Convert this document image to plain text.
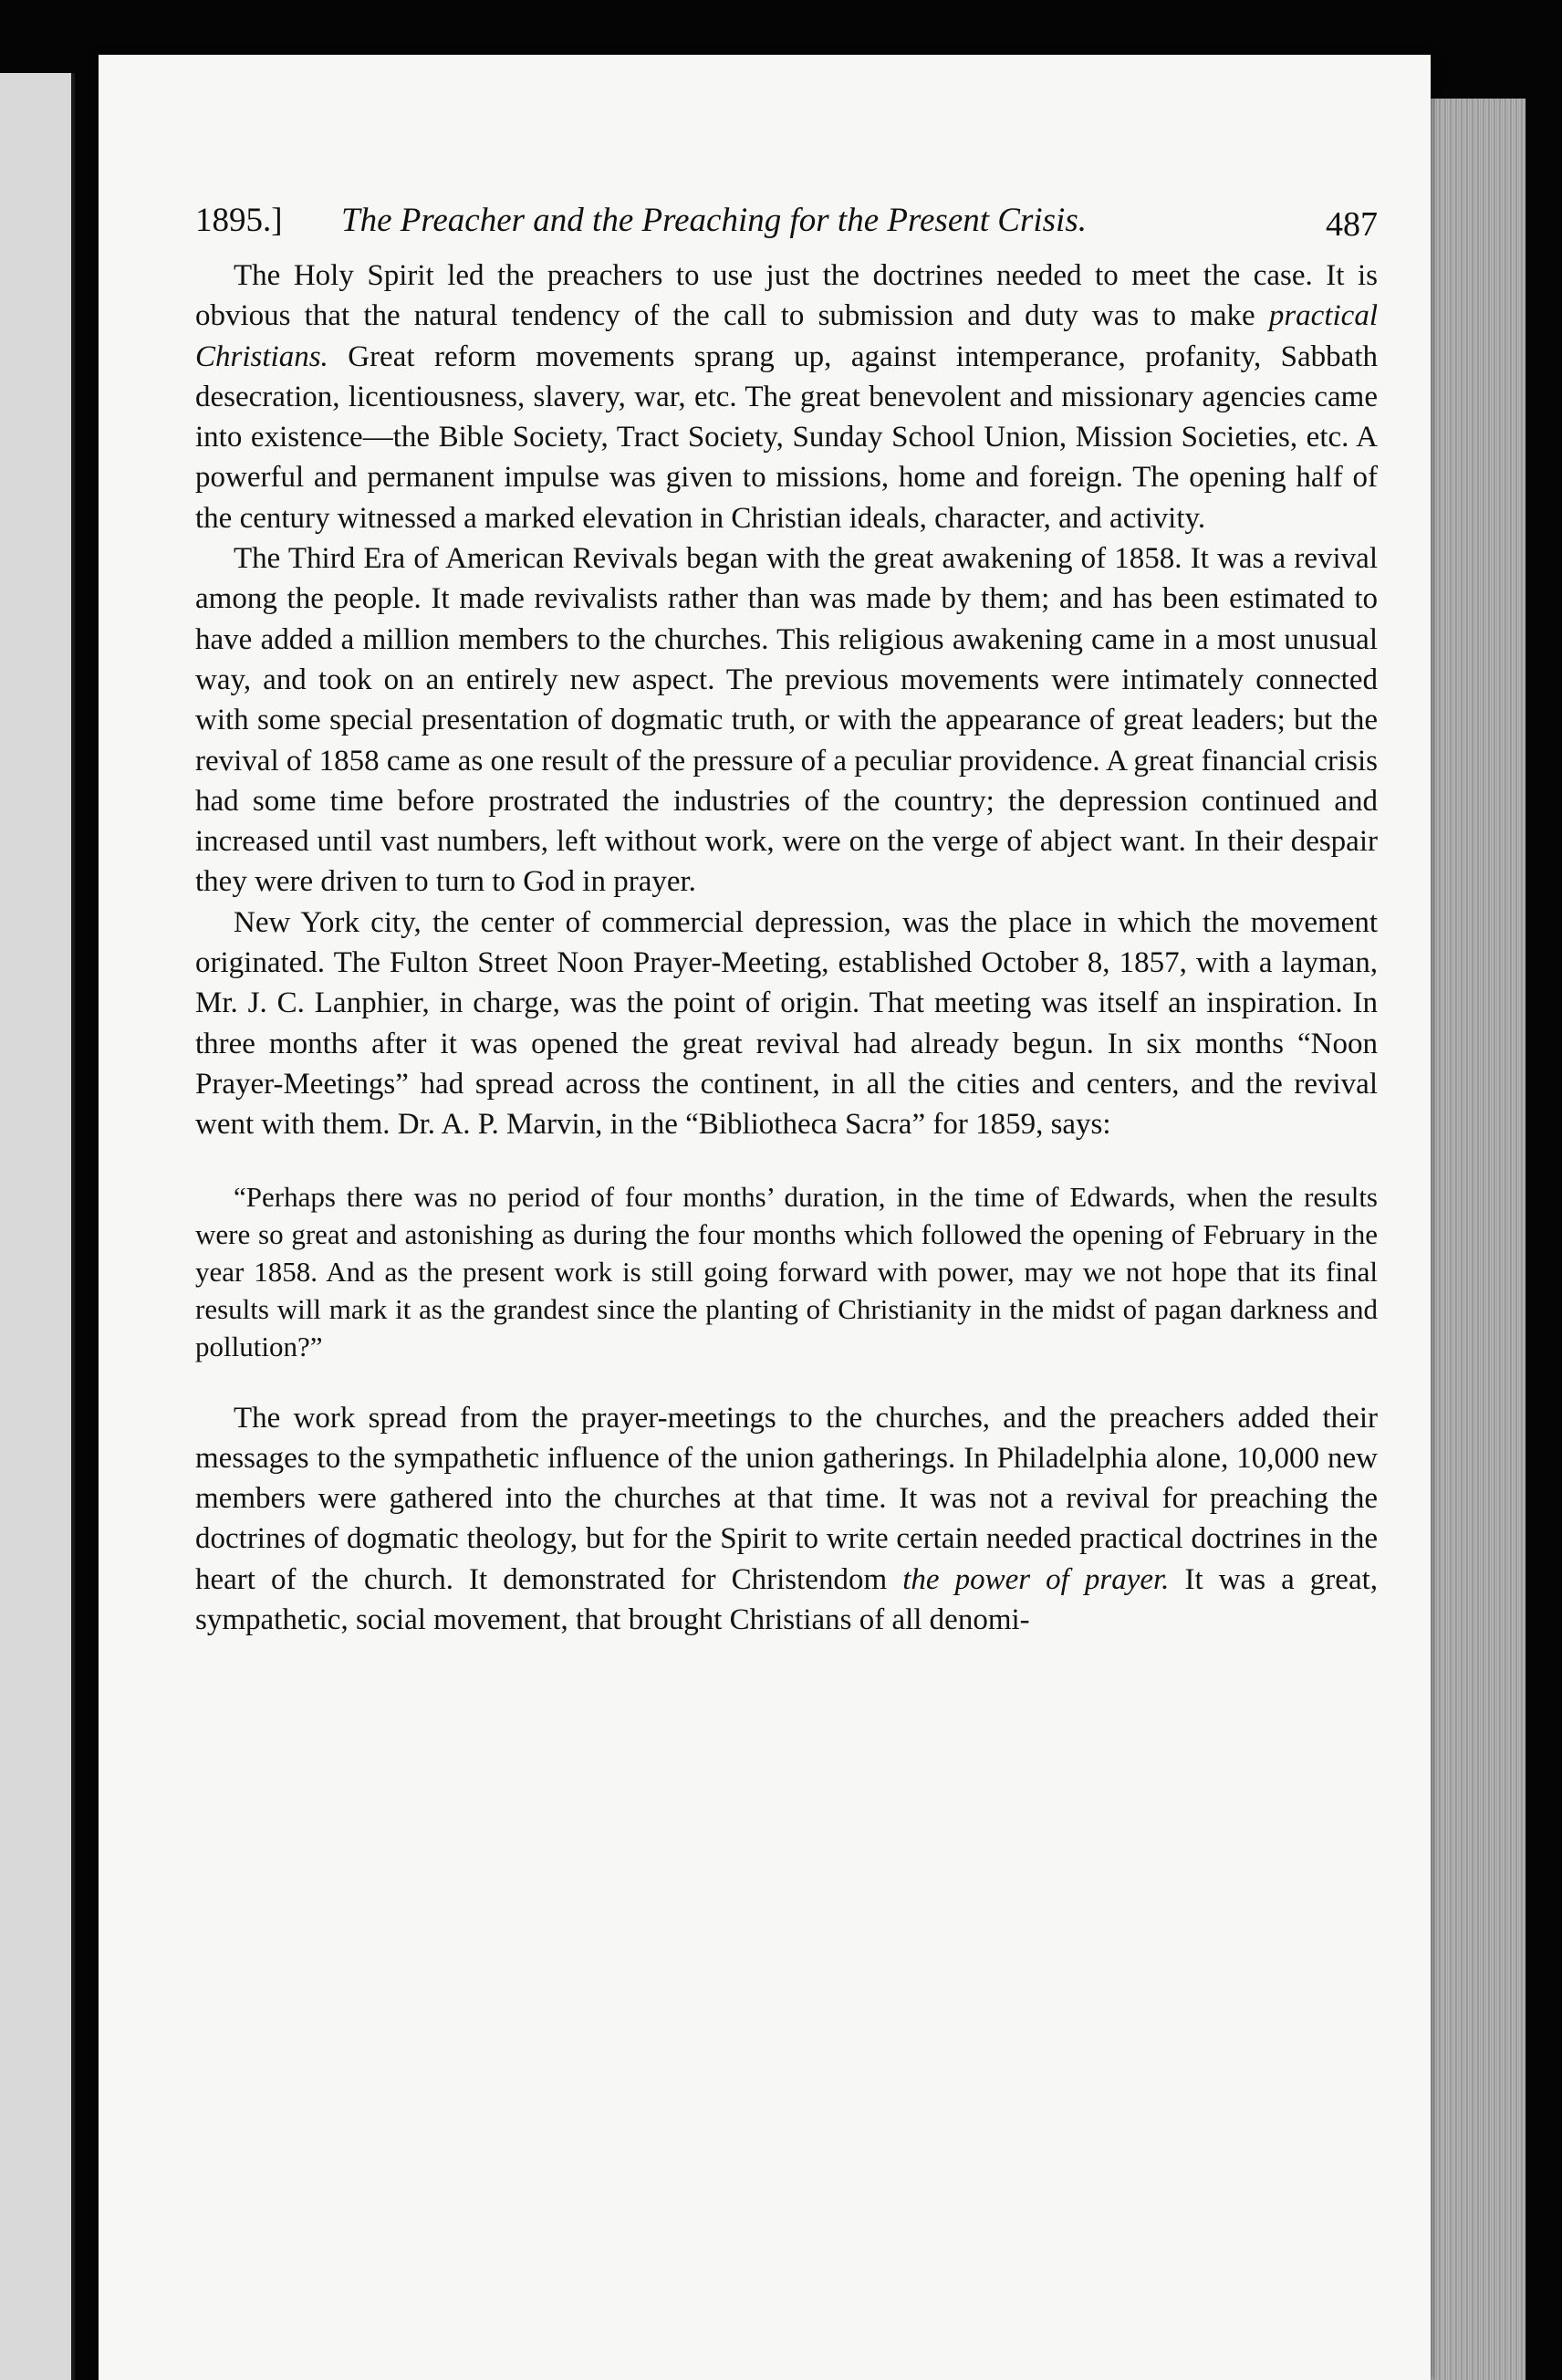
1895.] The Preacher and the Preaching for the Present Crisis.	487

The Holy Spirit led the preachers to use just the doctrines needed to meet the case. It is obvious that the natural tendency of the call to submission and duty was to make practical Christians. Great reform movements sprang up, against intemperance, profanity, Sabbath desecration, licentiousness, slavery, war, etc. The great benevolent and missionary agencies came into existence—the Bible Society, Tract Society, Sunday School Union, Mission Societies, etc. A powerful and permanent impulse was given to missions, home and foreign. The opening half of the century witnessed a marked elevation in Christian ideals, character, and activity.

The Third Era of American Revivals began with the great awakening of 1858. It was a revival among the people. It made revivalists rather than was made by them; and has been estimated to have added a million members to the churches. This religious awakening came in a most unusual way, and took on an entirely new aspect. The previous movements were intimately connected with some special presentation of dogmatic truth, or with the appearance of great leaders; but the revival of 1858 came as one result of the pressure of a peculiar providence. A great financial crisis had some time before prostrated the industries of the country; the depression continued and increased until vast numbers, left without work, were on the verge of abject want. In their despair they were driven to turn to God in prayer.

New York city, the center of commercial depression, was the place in which the movement originated. The Fulton Street Noon Prayer-Meeting, established October 8, 1857, with a layman, Mr. J. C. Lanphier, in charge, was the point of origin. That meeting was itself an inspiration. In three months after it was opened the great revival had already begun. In six months “Noon Prayer-Meetings” had spread across the continent, in all the cities and centers, and the revival went with them. Dr. A. P. Marvin, in the “Bibliotheca Sacra” for 1859, says:

“Perhaps there was no period of four months’ duration, in the time of Edwards, when the results were so great and astonishing as during the four months which followed the opening of February in the year 1858. And as the present work is still going forward with power, may we not hope that its final results will mark it as the grandest since the planting of Christianity in the midst of pagan darkness and pollution?”

The work spread from the prayer-meetings to the churches, and the preachers added their messages to the sympathetic influence of the union gatherings. In Philadelphia alone, 10,000 new members were gathered into the churches at that time. It was not a revival for preaching the doctrines of dogmatic theology, but for the Spirit to write certain needed practical doctrines in the heart of the church. It demonstrated for Christendom the power of prayer. It was a great, sympathetic, social movement, that brought Christians of all denomi-
